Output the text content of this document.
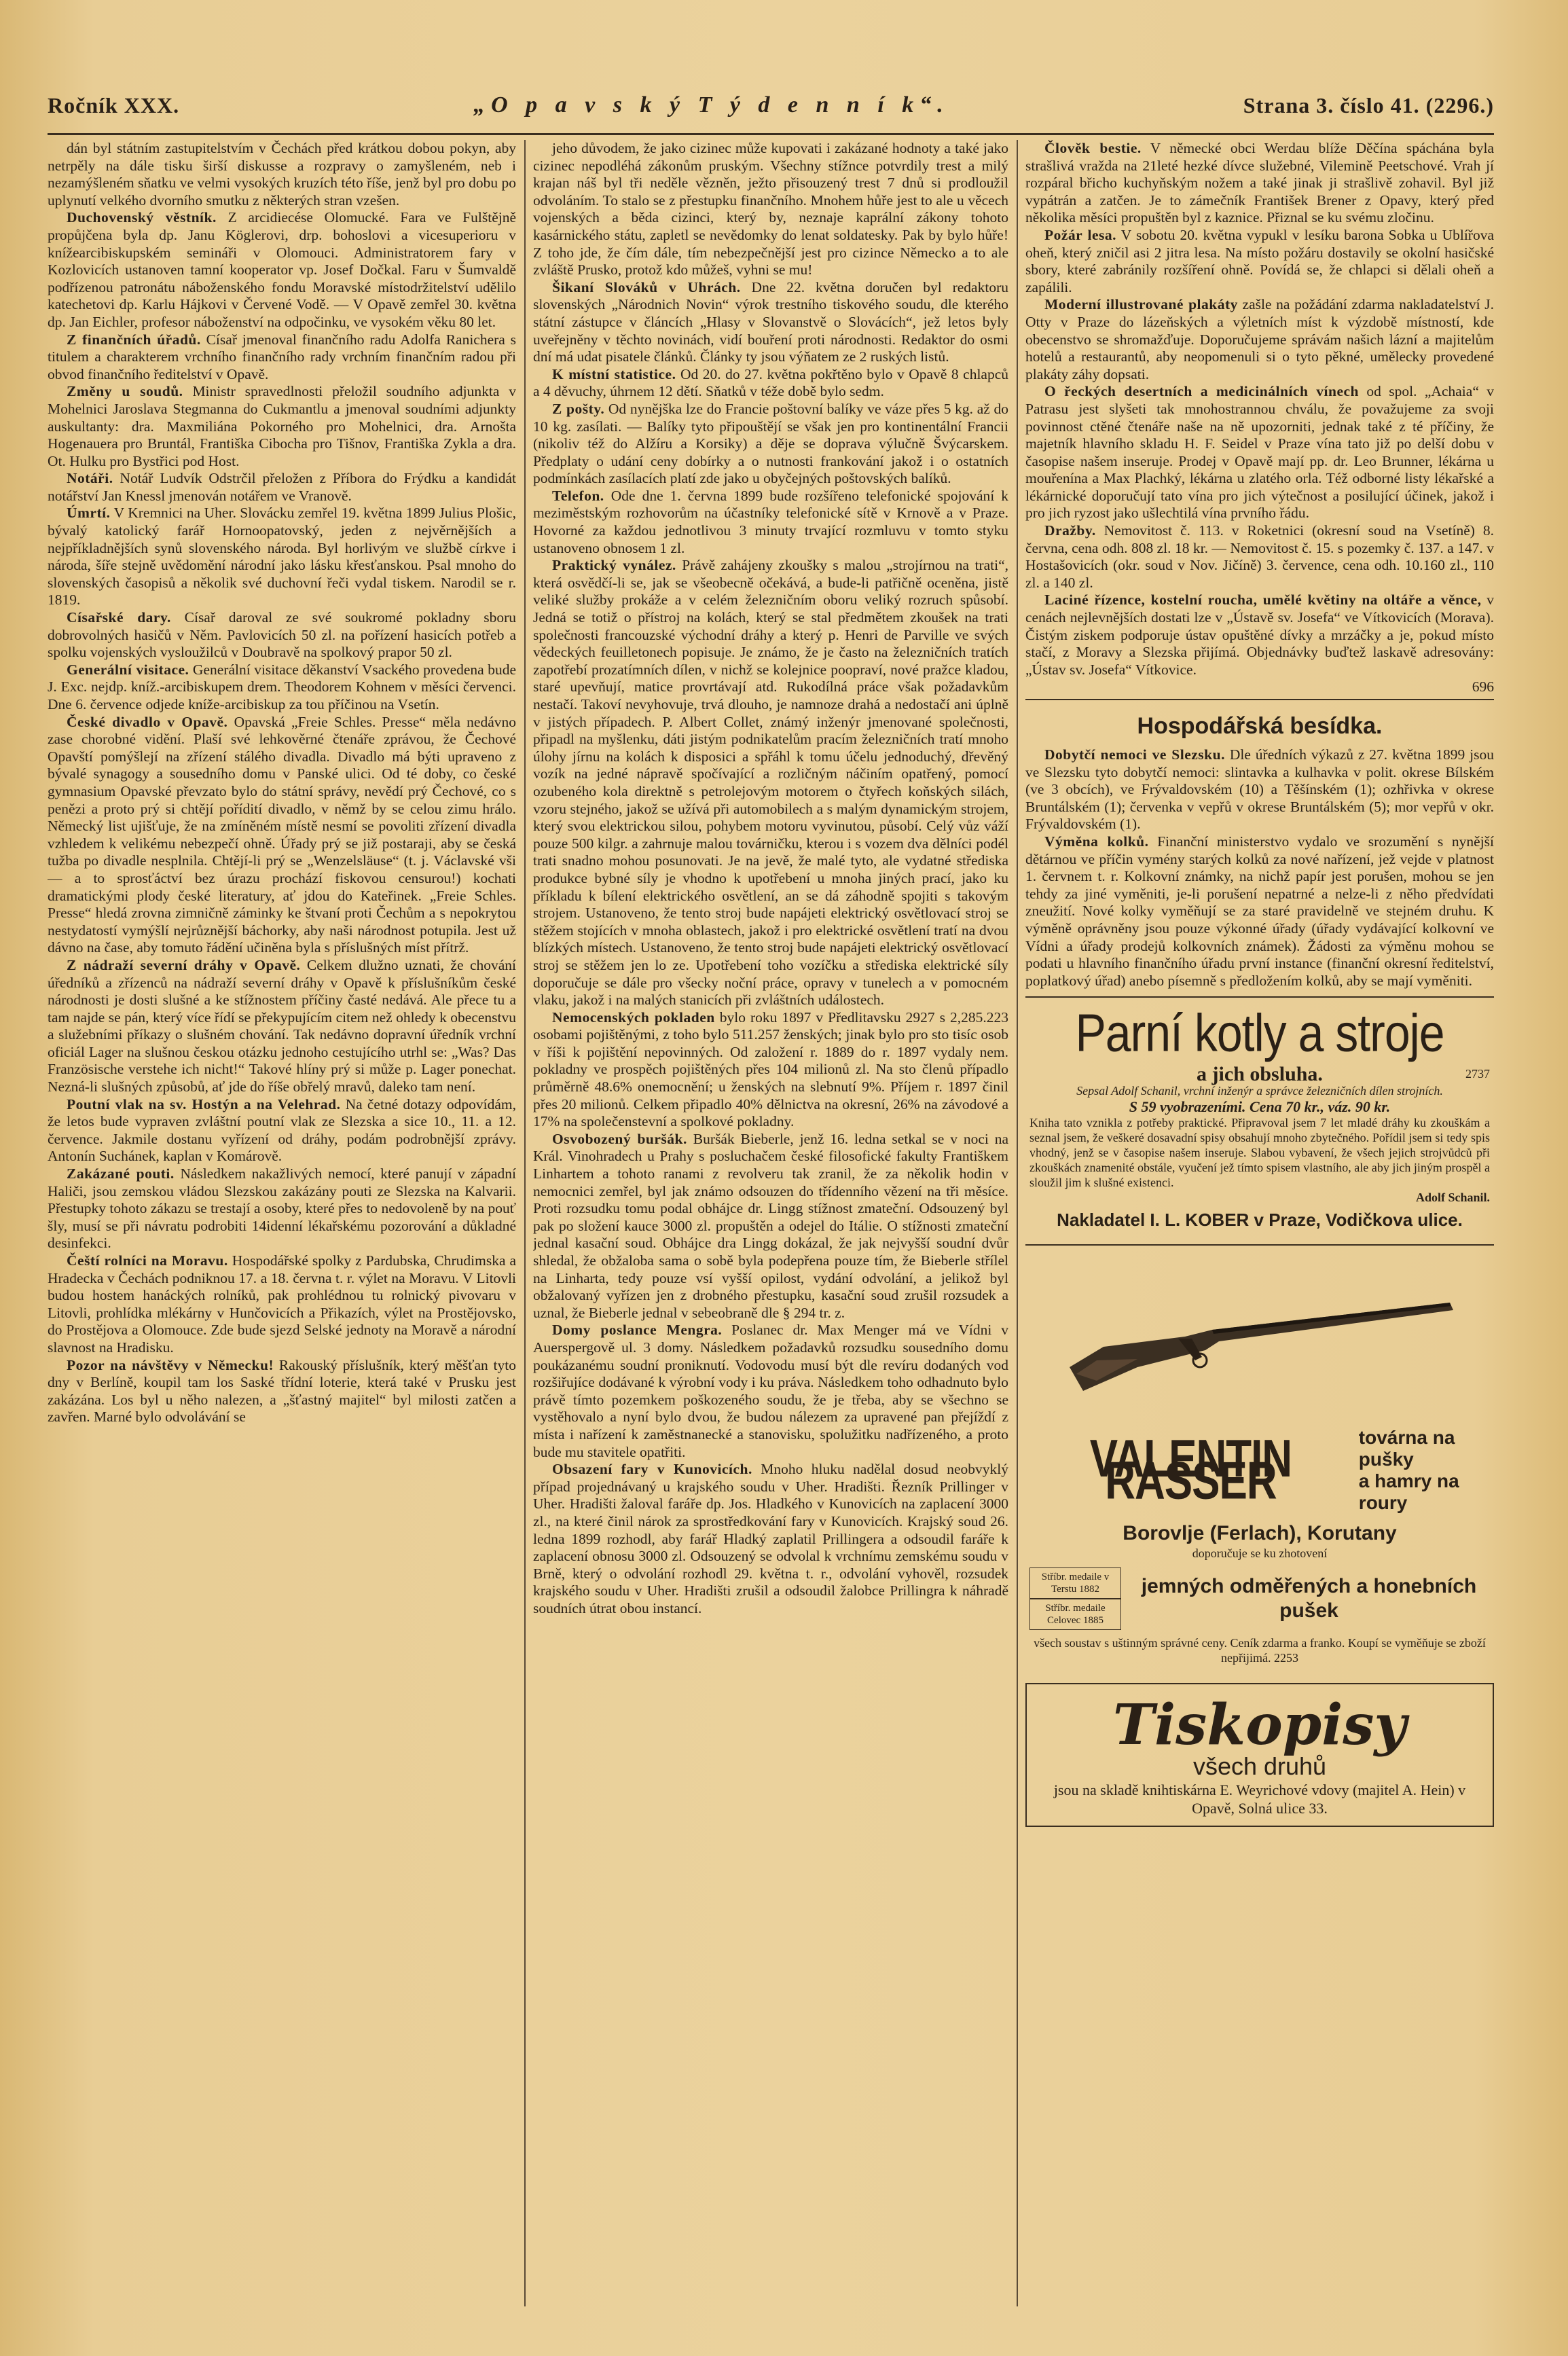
Ročník XXX.	„O p a v s k ý T ý d e n n í k“.	Strana 3. číslo 41. (2296.)

dán byl státním zastupitelstvím v Čechách před krátkou dobou pokyn, aby netrpěly na dále tisku širší diskusse a rozpravy o zamyšleném, neb i nezamýšleném sňatku ve velmi vysokých kruzích této říše, jenž byl pro dobu po uplynutí velkého dvorního smutku z některých stran vzešen.

Duchovenský věstník. Z arcidiecése Olomucké. Fara ve Fulštějně propůjčena byla dp. Janu Köglerovi, drp. bohoslovi a vicesuperioru v knížearcibiskupském semináři v Olomouci. Administratorem fary v Kozlovicích ustanoven tamní kooperator vp. Josef Dočkal. Faru v Šumvaldě podřízenou patronátu náboženského fondu Moravské místodržitelství udělilo katechetovi dp. Karlu Hájkovi v Červené Vodě. — V Opavě zemřel 30. května dp. Jan Eichler, profesor náboženství na odpočinku, ve vysokém věku 80 let.

Z finančních úřadů. Císař jmenoval finančního radu Adolfa Ranichera s titulem a charakterem vrchního finančního rady vrchním finančním radou při obvod finančního ředitelství v Opavě.

Změny u soudů. Ministr spravedlnosti přeložil soudního adjunkta v Mohelnici Jaroslava Stegmanna do Cukmantlu a jmenoval soudními adjunkty auskultanty: dra. Maxmiliána Pokorného pro Mohelnici, drа. Arnošta Hogenauera pro Bruntál, Františka Cibocha pro Tišnov, Františka Zykla a dra. Ot. Hulku pro Bystřici pod Host.

Notáři. Notář Ludvík Odstrčil přeložen z Příbora do Frýdku a kandidát notářství Jan Knessl jmenován notářem ve Vranově.

Úmrtí. V Kremnici na Uher. Slovácku zemřel 19. května 1899 Julius Plošic, bývalý katolický farář Hornoopatovský, jeden z nejvěrnějších a nejpříkladnějších synů slovenského národa. Byl horlivým ve službě církve i národa, šíře stejně uvědomění národní jako lásku křesťanskou. Psal mnoho do slovenských časopisů a několik své duchovní řeči vydal tiskem. Narodil se r. 1819.

Císařské dary. Císař daroval ze své soukromé pokladny sboru dobrovolných hasičů v Něm. Pavlovicích 50 zl. na pořízení hasicích potřeb a spolku vojenských vysloužilců v Doubravě na spolkový prapor 50 zl.

Generální visitace. Generální visitace děkanství Vsackého provedena bude J. Exc. nejdp. kníž.-arcibiskupem drem. Theodorem Kohnem v měsíci červenci. Dne 6. července odjede kníže-arcibiskup za tou příčinou na Vsetín.

České divadlo v Opavě. Opavská „Freie Schles. Presse“ měla nedávno zase chorobné vidění. Plaší své lehkověrné čtenáře zprávou, že Čechové Opavští pomýšlejí na zřízení stálého divadla. Divadlo má býti upraveno z bývalé synagogy a sousedního domu v Panské ulici. Od té doby, co české gymnasium Opavské převzato bylo do státní správy, nevědí prý Čechové, co s penězi a proto prý si chtějí pořídití divadlo, v němž by se celou zimu hrálo. Německý list ujišťuje, že na zmíněném místě nesmí se povoliti zřízení divadla vzhledem k velikému nebezpečí ohně. Úřady prý se již postaraji, aby se česká tužba po divadle nesplnila. Chtějí-li prý se „Wenzelsläuse“ (t. j. Václavské vši — a to sprosťáctví bez úrazu prochází fiskovou censurou!) kochati dramatickými plody české literatury, ať jdou do Kateřinek. „Freie Schles. Presse“ hledá zrovna zimničně záminky ke štvaní proti Čechům a s nepokrytou nestydatostí vymýšlí nejrůznější báchorky, aby naši národnost potupila. Jest už dávno na čase, aby tomuto řádění učiněna byla s příslušných míst přítrž.

Z nádraží severní dráhy v Opavě. Celkem dlužno uznati, že chování úředníků a zřízenců na nádraží severní dráhy v Opavě k příslušníkům české národnosti je dosti slušné a ke stížnostem příčiny časté nedává. Ale přece tu a tam najde se pán, který více řídí se překypujícím citem než ohledy k obecenstvu a služebními příkazy o slušném chování. Tak nedávno dopravní úředník vrchní oficiál Lager na slušnou českou otázku jednoho cestujícího utrhl se: „Was? Das Französische verstehe ich nicht!“ Takové hlíny prý si může p. Lager ponechat. Nezná-li slušných způsobů, ať jde do říše obřelý mravů, daleko tam není.

Poutní vlak na sv. Hostýn a na Velehrad. Na četné dotazy odpovídám, že letos bude vypraven zvláštní poutní vlak ze Slezska a sice 10., 11. a 12. července. Jakmile dostanu vyřízení od dráhy, podám podrobnější zprávy. Antonín Suchánek, kaplan v Komárově.

Zakázané pouti. Následkem nakažlivých nemocí, které panují v západní Haliči, jsou zemskou vládou Slezskou zakázány pouti ze Slezska na Kalvarii. Přestupky tohoto zákazu se trestají a osoby, které přes to nedovoleně by na pouť šly, musí se při návratu podrobiti 14idenní lékařskému pozorování a důkladné desinfekci.

Čeští rolníci na Moravu. Hospodářské spolky z Pardubska, Chrudimska a Hradecka v Čechách podniknou 17. a 18. června t. r. výlet na Moravu. V Litovli budou hostem hanáckých rolníků, pak prohlédnou tu rolnický pivovaru v Litovli, prohlídka mlékárny v Hunčovicích a Přikazích, výlet na Prostějovsko, do Prostějova a Olomouce. Zde bude sjezd Selské jednoty na Moravě a národní slavnost na Hradisku.

Pozor na návštěvy v Německu! Rakouský příslušník, který měšťan tyto dny v Berlíně, koupil tam los Saské třídní loterie, která také v Prusku jest zakázána. Los byl u něho nalezen, a „šťastný majitel“ byl milosti zatčen a zavřen. Marné bylo odvolávání se

jeho důvodem, že jako cizinec může kupovati i zakázané hodnoty a také jako cizinec nepodléhá zákonům pruským. Všechny stížnce potvrdily trest a milý krajan náš byl tři neděle vězněn, ježto přisouzený trest 7 dnů si prodloužil odvoláním. To stalo se z přestupku finančního. Mnohem hůře jest to ale u věcech vojenských a běda cizinci, který by, neznaje kaprální zákony tohoto kasárnického státu, zapletl se nevědomky do lenat soldatesky. Pak by bylo hůře! Z toho jde, že čím dále, tím nebezpečnější jest pro cizince Německo a to ale zvláště Prusko, protož kdo můžeš, vyhni se mu!

Šikaní Slováků v Uhrách. Dne 22. května doručen byl redaktoru slovenských „Národnich Novin“ výrok trestního tiskového soudu, dle kterého státní zástupce v článcích „Hlasy v Slovanstvě o Slovácích“, jež letos byly uveřejněny v těchto novinách, vidí bouření proti národnosti. Redaktor do osmi dní má udat pisatele článků. Články ty jsou výňatem ze 2 ruských listů.

K místní statistice. Od 20. do 27. května pokřtěno bylo v Opavě 8 chlapců a 4 děvuchy, úhrnem 12 dětí. Sňatků v téže době bylo sedm.

Z pošty. Od nynějška lze do Francie poštovní balíky ve váze přes 5 kg. až do 10 kg. zasílati. — Balíky tyto připouštějí se však jen pro kontinentální Francii (nikoliv též do Alžíru a Korsiky) a děje se doprava výlučně Švýcarskem. Předplaty o udání ceny dobírky a o nutnosti frankování jakož i o ostatních podmínkách zasílacích platí zde jako u obyčejných poštovských balíků.

Telefon. Ode dne 1. června 1899 bude rozšířeno telefonické spojování k meziměstským rozhovorům na účastníky telefonické sítě v Krnově a v Praze. Hovorné za každou jednotlivou 3 minuty trvající rozmluvu v tomto styku ustanoveno obnosem 1 zl.

Praktický vynález. Právě zahájeny zkoušky s malou „strojírnou na trati“, která osvědčí-li se, jak se všeobecně očekává, a bude-li patřičně oceněna, jistě veliké služby prokáže a v celém železničním oboru veliký rozruch spůsobí. Jedná se totiž o přístroj na kolách, který se stal předmětem zkoušek na trati společnosti francouzské východní dráhy a který p. Henri de Parville ve svých vědeckých feuilletonech popisuje. Je známo, že je často na železničních tratích zapotřebí prozatímních dílen, v nichž se kolejnice poopraví, nové pražce kladou, staré upevňují, matice provrtávají atd. Rukodílná práce však požadavkům nestačí. Takoví nevyhovuje, trvá dlouho, je namnoze drahá a nedostačí ani úplně v jistých případech. P. Albert Collet, známý inženýr jmenované společnosti, připadl na myšlenku, dáti jistým podnikatelům pracím železničních tratí mnoho úlohy jírnu na kolách k disposici a spřáhl k tomu účelu jednoduchý, dřevěný vozík na jedné nápravě spočívající a rozličným náčiním opatřený, pomocí ozubeného kola direktně s petrolejovým motorem o čtyřech koňských silách, vzoru stejného, jakož se užívá při automobilech a s malým dynamickým strojem, který svou elektrickou silou, pohybem motoru vyvinutou, působí. Celý vůz váží pouze 500 kilgr. a zahrnuje malou továrničku, kterou i s vozem dva dělníci podél trati snadno mohou posunovati. Je na jevě, že malé tyto, ale vydatné střediska produkce bybné síly je vhodno k upotřebení u mnoha jiných prací, jako ku příkladu k bílení elektrického osvětlení, an se dá záhodně spojiti s takovým strojem. Ustanoveno, že tento stroj bude napájeti elektrický osvětlovací stroj se stěžem stojících v mnoha oblastech, jakož i pro elektrické osvětlení tratí na dvou blízkých místech. Ustanoveno, že tento stroj bude napájeti elektrický osvětlovací stroj se stěžem jen lo ze. Upotřebení toho vozíčku a střediska elektrické síly doporučuje se dále pro všecky noční práce, opravy v tunelech a v pomocném vlaku, jakož i na malých stanicích při zvláštních událostech.

Nemocenských pokladen bylo roku 1897 v Předlitavsku 2927 s 2,285.223 osobami pojištěnými, z toho bylo 511.257 ženských; jinak bylo pro sto tisíc osob v říši k pojištění nepovinných. Od založení r. 1889 do r. 1897 vydaly nem. pokladny ve prospěch pojištěných přes 104 milionů zl. Na sto členů případlo průměrně 48.6% onemocnění; u ženských na slebnutí 9%. Příjem r. 1897 činil přes 20 milionů. Celkem připadlo 40% dělnictva na okresní, 26% na závodové a 17% na společenstevní a spolkové pokladny.

Osvobozený buršák. Buršák Bieberle, jenž 16. ledna setkal se v noci na Král. Vinohradech u Prahy s posluchačem české filosofické fakulty Františkem Linhartem a tohoto ranami z revolveru tak zranil, že za několik hodin v nemocnici zemřel, byl jak známo odsouzen do třídenního vězení na tři měsíce. Proti rozsudku tomu podal obhájce dr. Lingg stížnost zmateční. Odsouzený byl pak po složení kauce 3000 zl. propuštěn a odejel do Itálie. O stížnosti zmateční jednal kasační soud. Obhájce dra Lingg dokázal, že jak nejvyšší soudní dvůr shledal, že obžaloba sama o sobě byla podepřena pouze tím, že Bieberle střílel na Linharta, tedy pouze vsí vyšší opilost, vydání odvolání, a jelikož byl obžalovaný vyřízen jen z drobného přestupku, kasační soud zrušil rozsudek a uznal, že Bieberle jednal v sebeobraně dle § 294 tr. z.

Domy poslance Mengra. Poslanec dr. Max Menger má ve Vídni v Auerspergově ul. 3 domy. Následkem požadavků rozsudku sousedního domu poukázanému soudní proniknutí. Vodovodu musí být dle revíru dodaných vod rozšiřujíce dodávané k výrobní vody i ku práva. Následkem toho odhadnuto bylo právě tímto pozemkem poškozeného soudu, že je třeba, aby se všechno se vystěhovalo a nyní bylo dvou, že budou nálezem za upravené pan přejíždí z místa i nařízení k zaměstnanecké a stanovisku, spolužitku nadřízeného, a proto bude mu stavitele opatřiti.

Obsazení fary v Kunovicích. Mnoho hluku nadělal dosud neobvyklý případ projednávaný u krajského soudu v Uher. Hradišti. Řezník Prillinger v Uher. Hradišti žaloval faráře dp. Jos. Hladkého v Kunovicích na zaplacení 3000 zl., na které činil nárok za sprostředkování fary v Kunovicích. Krajský soud 26. ledna 1899 rozhodl, aby farář Hladký zaplatil Prillingera a odsoudil faráře k zaplacení obnosu 3000 zl. Odsouzený se odvolal k vrchnímu zemskému soudu v Brně, který o odvolání rozhodl 29. května t. r., odvolání vyhověl, rozsudek krajského soudu v Uher. Hradišti zrušil a odsoudil žalobce Prillingra k náhradě soudních útrat obou instancí.

Člověk bestie. V německé obci Werdau blíže Děčína spáchána byla strašlivá vražda na 21leté hezké dívce služebné, Vilemině Peetschové. Vrah jí rozpáral břicho kuchyňským nožem a také jinak ji strašlivě zohavil. Byl již vypátrán a zatčen. Je to zámečník František Brener z Opavy, který před několika měsíci propuštěn byl z kaznice. Přiznal se ku svému zločinu.

Požár lesa. V sobotu 20. května vypukl v lesíku barona Sobka u Ublířova oheň, který zničil asi 2 jitra lesa. Na místo požáru dostavily se okolní hasičské sbory, které zabránily rozšíření ohně. Povídá se, že chlapci si dělali oheň a zapálili.

Moderní illustrované plakáty zašle na požádání zdarma nakladatelství J. Otty v Praze do lázeňských a výletních míst k výzdobě místností, kde obecenstvo se shromažďuje. Doporučujeme správám našich lázní a majitelům hotelů a restaurantů, aby neopomenuli si o tyto pěkné, umělecky provedené plakáty záhy dopsati.

O řeckých desertních a medicinálních vínech od spol. „Achaia“ v Patrasu jest slyšeti tak mnohostrannou chválu, že považujeme za svoji povinnost ctěné čtenáře naše na ně upozorniti, jednak také z té příčiny, že majetník hlavního skladu H. F. Seidel v Praze vína tato již po delší dobu v časopise našem inseruje. Prodej v Opavě mají pp. dr. Leo Brunner, lékárna u mouřenína a Max Plachký, lékárna u zlatého orla. Též odborné listy lékařské a lékárnické doporučují tato vína pro jich výtečnost a posilující účinek, jakož i pro jich ryzost jako ušlechtilá vína prvního řádu.

Dražby. Nemovitost č. 113. v Roketnici (okresní soud na Vsetíně) 8. června, cena odh. 808 zl. 18 kr. — Nemovitost č. 15. s pozemky č. 137. a 147. v Hostašovicích (okr. soud v Nov. Jičíně) 3. července, cena odh. 10.160 zl., 110 zl. a 140 zl.

Laciné řízence, kostelní roucha, umělé květiny na oltáře a věnce, v cenách nejlevnějších dostati lze v „Ústavě sv. Josefa“ ve Vítkovicích (Morava). Čistým ziskem podporuje ústav opuštěné dívky a mrzáčky a je, pokud místo stačí, z Moravy a Slezska přijímá. Objednávky buďtež laskavě adresovány: „Ústav sv. Josefa“ Vítkovice.
696

Hospodářská besídka.

Dobytčí nemoci ve Slezsku. Dle úředních výkazů z 27. května 1899 jsou ve Slezsku tyto dobytčí nemoci: slintavka a kulhavka v polit. okrese Bílském (ve 3 obcích), ve Frývaldovském (10) a Těšínském (1); ozhřivka v okrese Bruntálském (1); červenka v vepřů v okrese Bruntálském (5); mor vepřů v okr. Frývaldovském (1).

Výměna kolků. Finanční ministerstvo vydalo ve srozumění s nynější dětárnou ve příčin vymény starých kolků za nové nařízení, jež vejde v platnost 1. červnem t. r. Kolkovní známky, na nichž papír jest porušen, mohou se jen tehdy za jiné vyměniti, je-li porušení nepatrné a nelze-li z něho předvídati zneužití. Nové kolky vyměňují se za staré pravidelně ve stejném druhu. K výměně oprávněny jsou pouze výkonné úřady (úřady vydávající kolkovní ve Vídni a úřady prodejů kolkovních známek). Žádosti za výměnu mohou se podati u hlavního finančního úřadu první instance (finanční okresní ředitelství, poplatkový úřad) anebo písemně s předložením kolků, aby se mají vyměniti.

Parní kotly a stroje
a jich obsluha.	2737
Sepsal Adolf Schanil, vrchní inženýr a správce železničních dílen strojních.
S 59 vyobrazeními. Cena 70 kr., váz. 90 kr.
Kniha tato vznikla z potřeby praktické. Připravoval jsem 7 let mladé dráhy ku zkouškám a seznal jsem, že veškeré dosavadní spisy obsahují mnoho zbytečného. Pořídil jsem si tedy spis vhodný, jenž se v časopise našem inseruje. Slabou vybavení, že všech jejich strojvůdců při zkouškách znamenité obstále, vyučení jež tímto spisem vlastního, ale aby jich jiným prospěl a sloužil jim k slušné existenci.
Adolf Schanil.
Nakladatel I. L. KOBER v Praze, Vodičkova ulice.
VALENTIN RASSER
továrna na pušky
a hamry na roury
Borovlje (Ferlach), Korutany
doporučuje se ku zhotovení
Stříbr. medaile v Terstu 1882
Stříbr. medaile Celovec 1885
jemných odměřených a honebních pušek
všech soustav s uštinným správné ceny. Ceník zdarma a franko. Koupí se vyměňuje se zboží nepřijimá. 2253
Tiskopisy
všech druhů
jsou na skladě knihtiskárna E. Weyrichové vdovy (majitel A. Hein) v Opavě, Solná ulice 33.
